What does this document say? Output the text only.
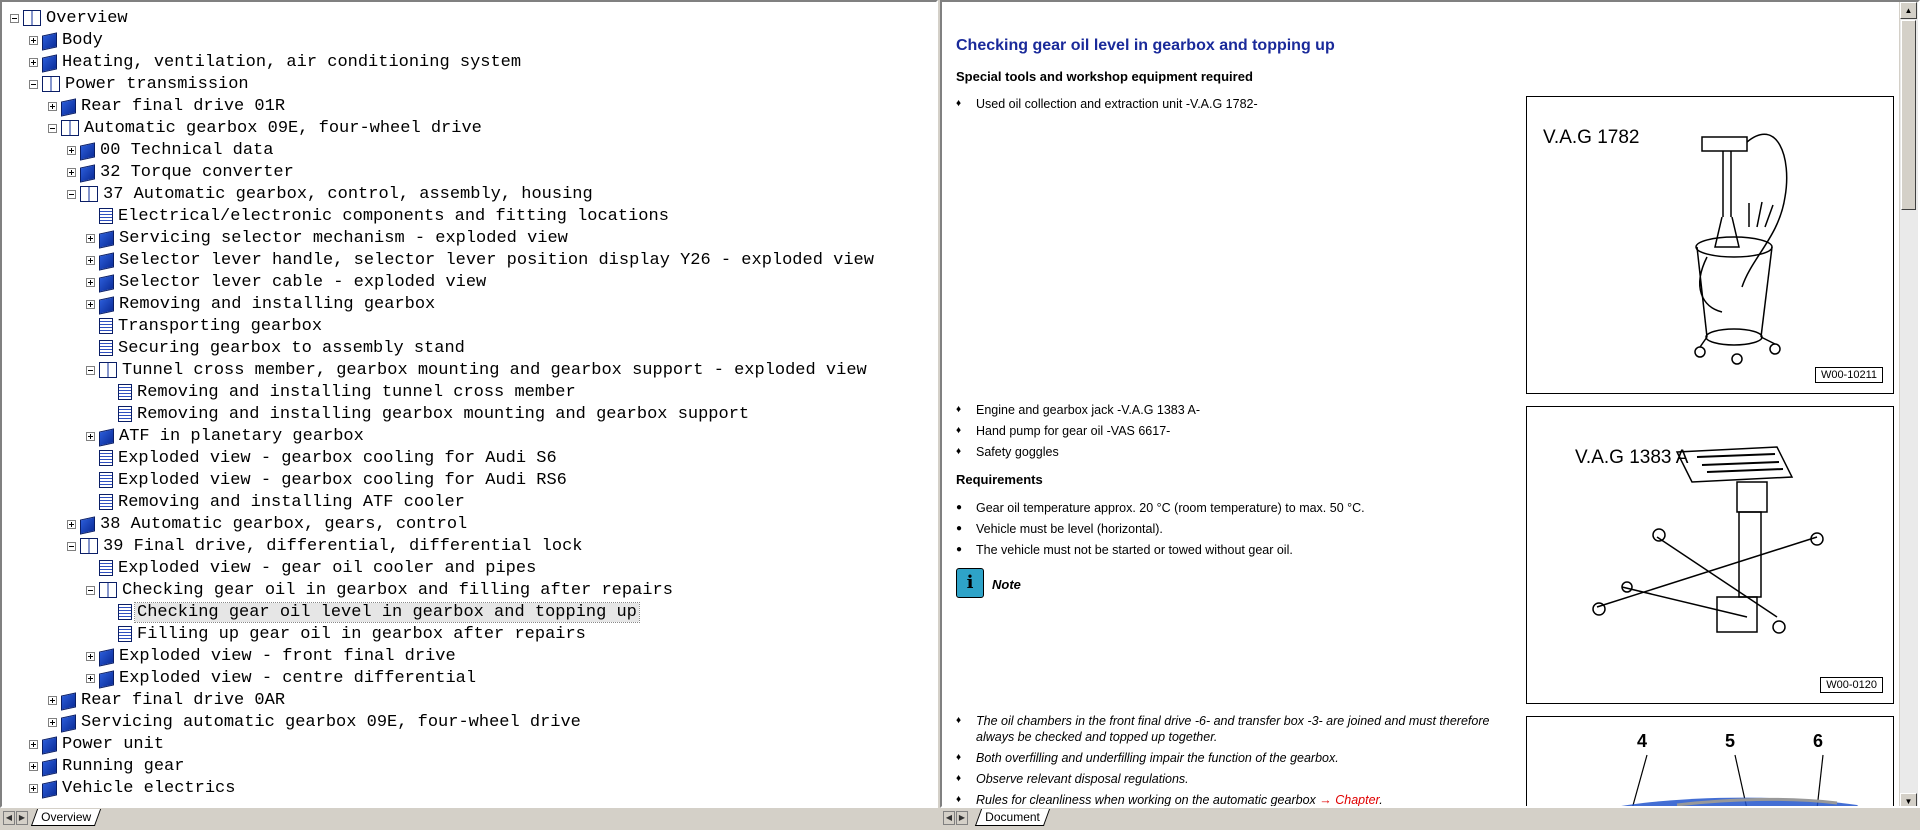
Overview
Body
Heating, ventilation, air conditioning system
Power transmission
Rear final drive 01R
Automatic gearbox 09E, four-wheel drive
00 Technical data
32 Torque converter
37 Automatic gearbox, control, assembly, housing
Electrical/electronic components and fitting locations
Servicing selector mechanism - exploded view
Selector lever handle, selector lever position display Y26 - exploded view
Selector lever cable - exploded view
Removing and installing gearbox
Transporting gearbox
Securing gearbox to assembly stand
Tunnel cross member, gearbox mounting and gearbox support - exploded view
Removing and installing tunnel cross member
Removing and installing gearbox mounting and gearbox support
ATF in planetary gearbox
Exploded view - gearbox cooling for Audi S6
Exploded view - gearbox cooling for Audi RS6
Removing and installing ATF cooler
38 Automatic gearbox, gears, control
39 Final drive, differential, differential lock
Exploded view - gear oil cooler and pipes
Checking gear oil in gearbox and filling after repairs
Checking gear oil level in gearbox and topping up
Filling up gear oil in gearbox after repairs
Exploded view - front final drive
Exploded view - centre differential
Rear final drive 0AR
Servicing automatic gearbox 09E, four-wheel drive
Power unit
Running gear
Vehicle electrics
◀ ▶	Overview
Checking gear oil level in gearbox and topping up
Special tools and workshop equipment required
♦ Used oil collection and extraction unit -V.A.G 1782-
♦ Engine and gearbox jack -V.A.G 1383 A-
♦ Hand pump for gear oil -VAS 6617-
♦ Safety goggles
Requirements
● Gear oil temperature approx. 20 °C (room temperature) to max. 50 °C.
● Vehicle must be level (horizontal).
● The vehicle must not be started or towed without gear oil.
i	Note
♦ The oil chambers in the front final drive -6- and transfer box -3- are joined and must therefore always be checked and topped up together.
♦ Both overfilling and underfilling impair the function of the gearbox.
♦ Observe relevant disposal regulations.
♦ Rules for cleanliness when working on the automatic gearbox → Chapter.
V.A.G 1782
W00-10211
V.A.G 1383 A
W00-0120
4	5	6
▲
▼
◀ ▶	Document
